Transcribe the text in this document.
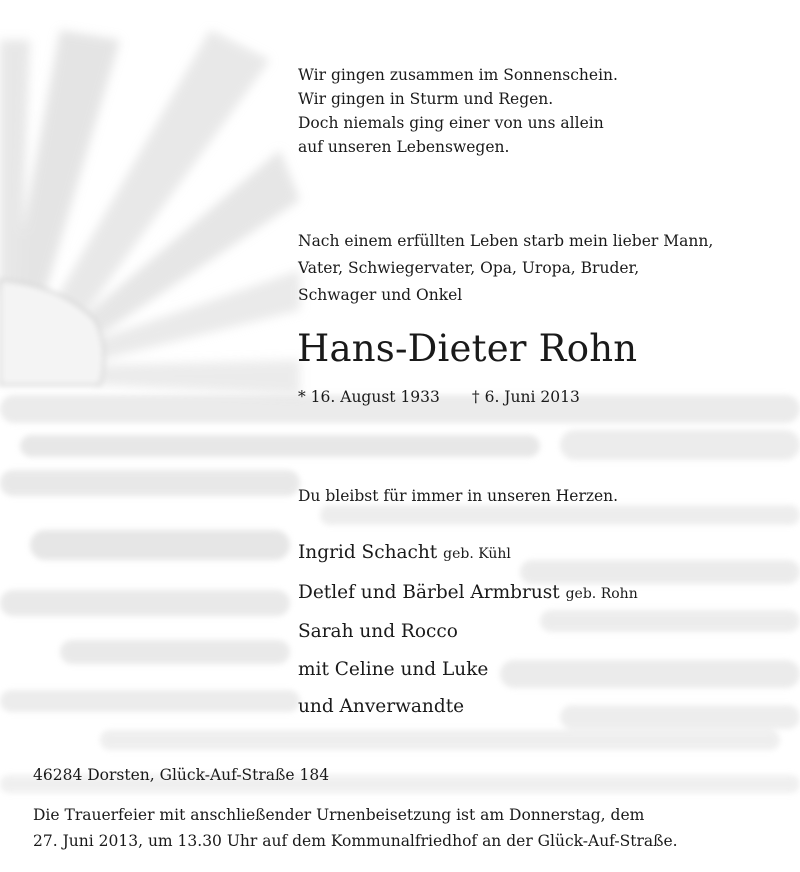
Wir gingen zusammen im Sonnenschein.
Wir gingen in Sturm und Regen.
Doch niemals ging einer von uns allein
auf unseren Lebenswegen.
Nach einem erfüllten Leben starb mein lieber Mann,
Vater, Schwiegervater, Opa, Uropa, Bruder,
Schwager und Onkel
Hans-Dieter Rohn
* 16. August 1933 † 6. Juni 2013
Du bleibst für immer in unseren Herzen.
Ingrid Schacht geb. Kühl
Detlef und Bärbel Armbrust geb. Rohn
Sarah und Rocco
mit Celine und Luke
und Anverwandte
46284 Dorsten, Glück-Auf-Straße 184
Die Trauerfeier mit anschließender Urnenbeisetzung ist am Donnerstag, dem
27. Juni 2013, um 13.30 Uhr auf dem Kommunalfriedhof an der Glück-Auf-Straße.
